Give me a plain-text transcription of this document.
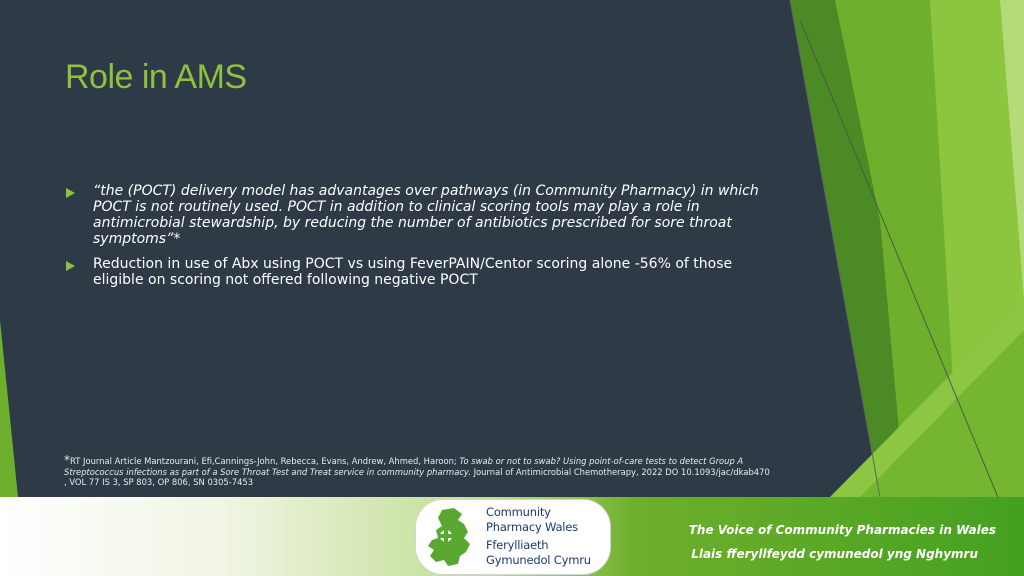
Role in AMS
“the (POCT) delivery model has advantages over pathways (in Community Pharmacy) in which POCT is not routinely used. POCT in addition to clinical scoring tools may play a role in antimicrobial stewardship, by reducing the number of antibiotics prescribed for sore throat symptoms”*
Reduction in use of Abx using POCT vs using FeverPAIN/Centor scoring alone -56% of those eligible on scoring not offered following negative POCT
*RT Journal Article Mantzourani, Efi,Cannings-John, Rebecca, Evans, Andrew, Ahmed, Haroon; To swab or not to swab? Using point-of-care tests to detect Group A Streptococcus infections as part of a Sore Throat Test and Treat service in community pharmacy. Journal of Antimicrobial Chemotherapy, 2022 DO 10.1093/jac/dkab470 , VOL 77 IS 3, SP 803, OP 806, SN 0305-7453
The Voice of Community Pharmacies in Wales
Llais fferyllfeydd cymunedol yng Nghymru
Community
Pharmacy Wales
Fferylliaeth
Gymunedol Cymru
